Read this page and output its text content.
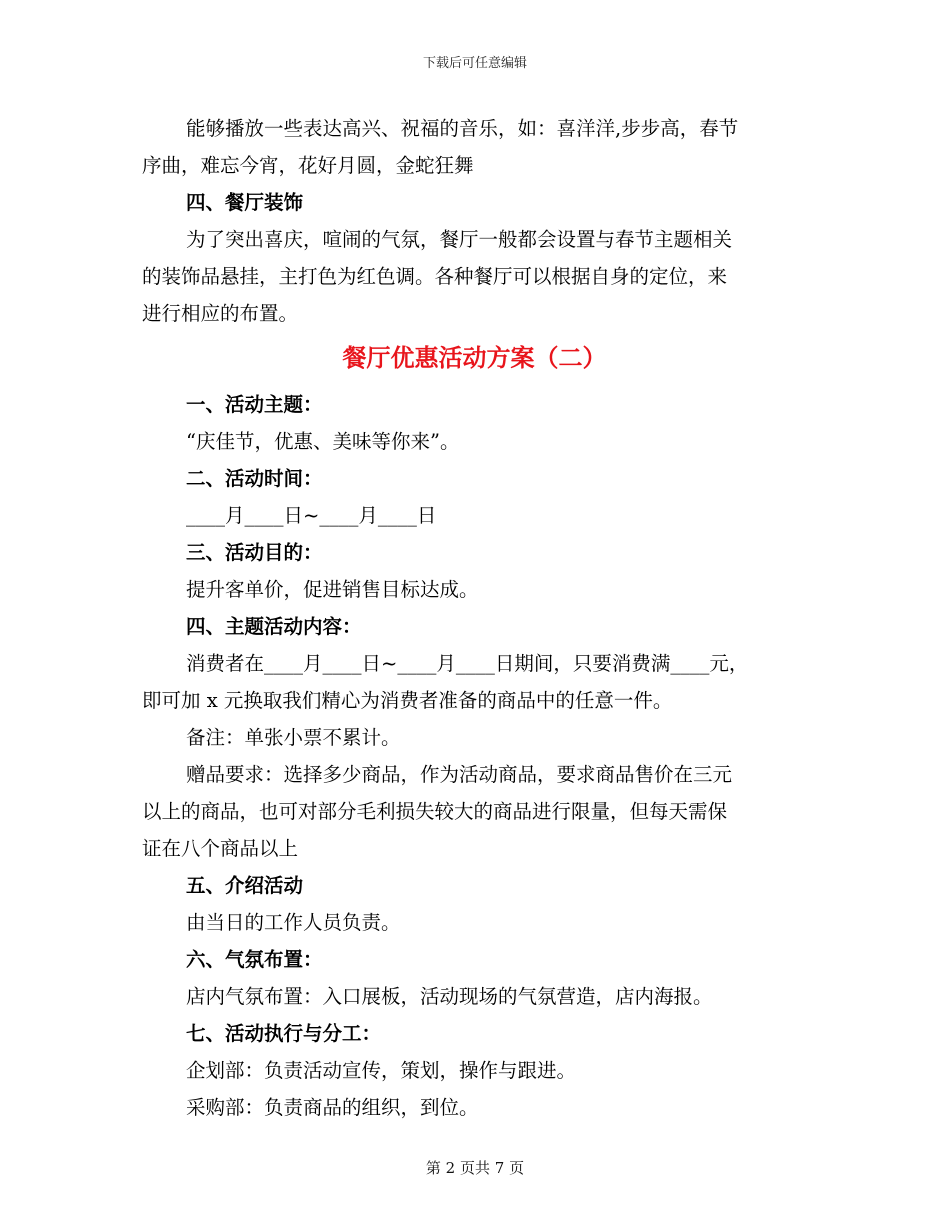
下载后可任意编辑
能够播放一些表达高兴、祝福的音乐，如：喜洋洋,步步高，春节
序曲，难忘今宵，花好月圆，金蛇狂舞
四、餐厅装饰
为了突出喜庆，喧闹的气氛，餐厅一般都会设置与春节主题相关
的装饰品悬挂，主打色为红色调。各种餐厅可以根据自身的定位，来
进行相应的布置。
餐厅优惠活动方案（二）
一、活动主题：
“庆佳节，优惠、美味等你来”。
二、活动时间：
____月____日~____月____日
三、活动目的：
提升客单价，促进销售目标达成。
四、主题活动内容：
消费者在____月____日~____月____日期间，只要消费满____元，
即可加 x 元换取我们精心为消费者准备的商品中的任意一件。
备注：单张小票不累计。
赠品要求：选择多少商品，作为活动商品，要求商品售价在三元
以上的商品，也可对部分毛利损失较大的商品进行限量，但每天需保
证在八个商品以上
五、介绍活动
由当日的工作人员负责。
六、气氛布置：
店内气氛布置：入口展板，活动现场的气氛营造，店内海报。
七、活动执行与分工：
企划部：负责活动宣传，策划，操作与跟进。
采购部：负责商品的组织，到位。
第 2 页共 7 页
